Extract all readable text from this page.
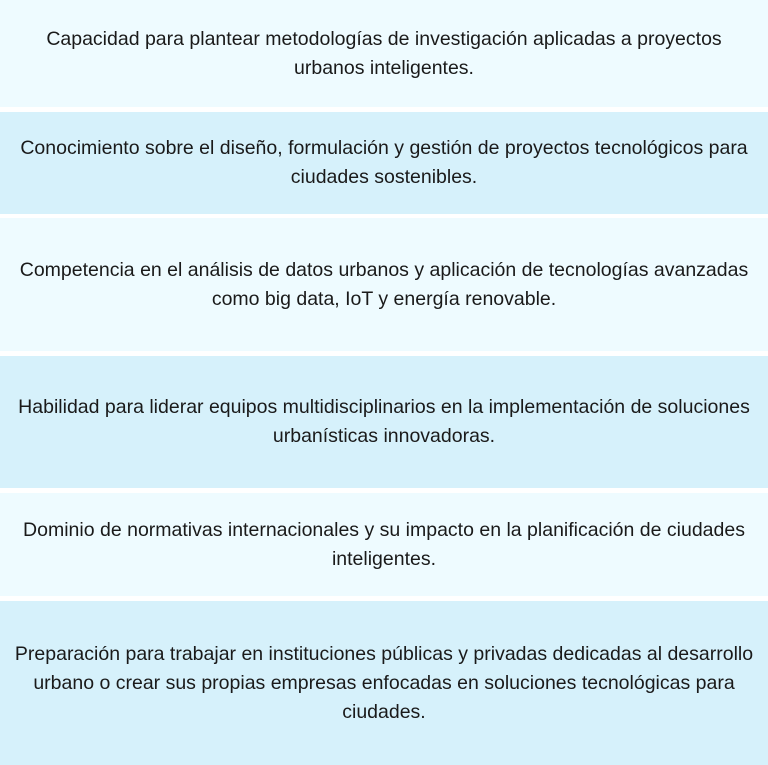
Capacidad para plantear metodologías de investigación aplicadas a proyectos urbanos inteligentes.
Conocimiento sobre el diseño, formulación y gestión de proyectos tecnológicos para ciudades sostenibles.
Competencia en el análisis de datos urbanos y aplicación de tecnologías avanzadas como big data, IoT y energía renovable.
Habilidad para liderar equipos multidisciplinarios en la implementación de soluciones urbanísticas innovadoras.
Dominio de normativas internacionales y su impacto en la planificación de ciudades inteligentes.
Preparación para trabajar en instituciones públicas y privadas dedicadas al desarrollo urbano o crear sus propias empresas enfocadas en soluciones tecnológicas para ciudades.
